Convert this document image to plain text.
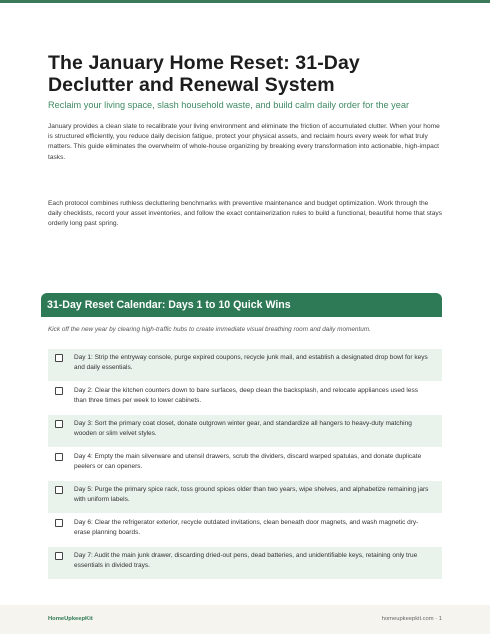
The January Home Reset: 31-Day Declutter and Renewal System
Reclaim your living space, slash household waste, and build calm daily order for the year

January provides a clean slate to recalibrate your living environment and eliminate the friction of accumulated clutter. When your home is structured efficiently, you reduce daily decision fatigue, protect your physical assets, and reclaim hours every week for what truly matters. This guide eliminates the overwhelm of whole-house organizing by breaking every transformation into actionable, high-impact tasks.

Each protocol combines ruthless decluttering benchmarks with preventive maintenance and budget optimization. Work through the daily checklists, record your asset inventories, and follow the exact containerization rules to build a functional, beautiful home that stays orderly long past spring.

31-Day Reset Calendar: Days 1 to 10 Quick Wins
Kick off the new year by clearing high-traffic hubs to create immediate visual breathing room and daily momentum.
Day 1: Strip the entryway console, purge expired coupons, recycle junk mail, and establish a designated drop bowl for keys and daily essentials.
Day 2: Clear the kitchen counters down to bare surfaces, deep clean the backsplash, and relocate appliances used less than three times per week to lower cabinets.
Day 3: Sort the primary coat closet, donate outgrown winter gear, and standardize all hangers to heavy-duty matching wooden or slim velvet styles.
Day 4: Empty the main silverware and utensil drawers, scrub the dividers, discard warped spatulas, and donate duplicate peelers or can openers.
Day 5: Purge the primary spice rack, toss ground spices older than two years, wipe shelves, and alphabetize remaining jars with uniform labels.
Day 6: Clear the refrigerator exterior, recycle outdated invitations, clean beneath door magnets, and wash magnetic dry-erase planning boards.
Day 7: Audit the main junk drawer, discarding dried-out pens, dead batteries, and unidentifiable keys, retaining only true essentials in divided trays.
HomeUpkeepKit	homeupkeepkit.com · 1
